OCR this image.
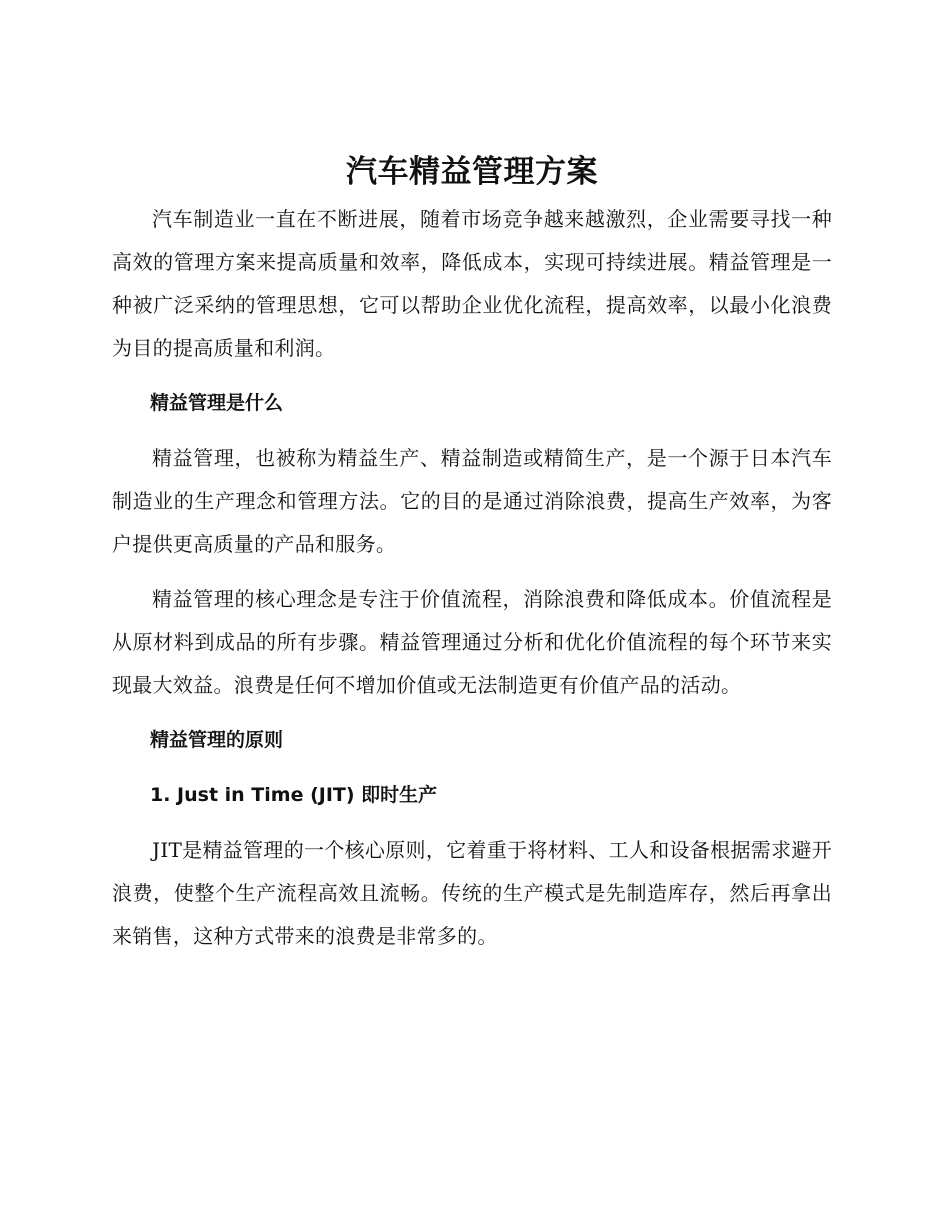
汽车精益管理方案

汽车制造业一直在不断进展，随着市场竞争越来越激烈，企业需要寻找一种高效的管理方案来提高质量和效率，降低成本，实现可持续进展。精益管理是一种被广泛采纳的管理思想，它可以帮助企业优化流程，提高效率，以最小化浪费为目的提高质量和利润。

精益管理是什么

精益管理，也被称为精益生产、精益制造或精简生产，是一个源于日本汽车制造业的生产理念和管理方法。它的目的是通过消除浪费，提高生产效率，为客户提供更高质量的产品和服务。

精益管理的核心理念是专注于价值流程，消除浪费和降低成本。价值流程是从原材料到成品的所有步骤。精益管理通过分析和优化价值流程的每个环节来实现最大效益。浪费是任何不增加价值或无法制造更有价值产品的活动。

精益管理的原则

1. Just in Time (JIT) 即时生产

JIT是精益管理的一个核心原则，它着重于将材料、工人和设备根据需求避开浪费，使整个生产流程高效且流畅。传统的生产模式是先制造库存，然后再拿出来销售，这种方式带来的浪费是非常多的。
